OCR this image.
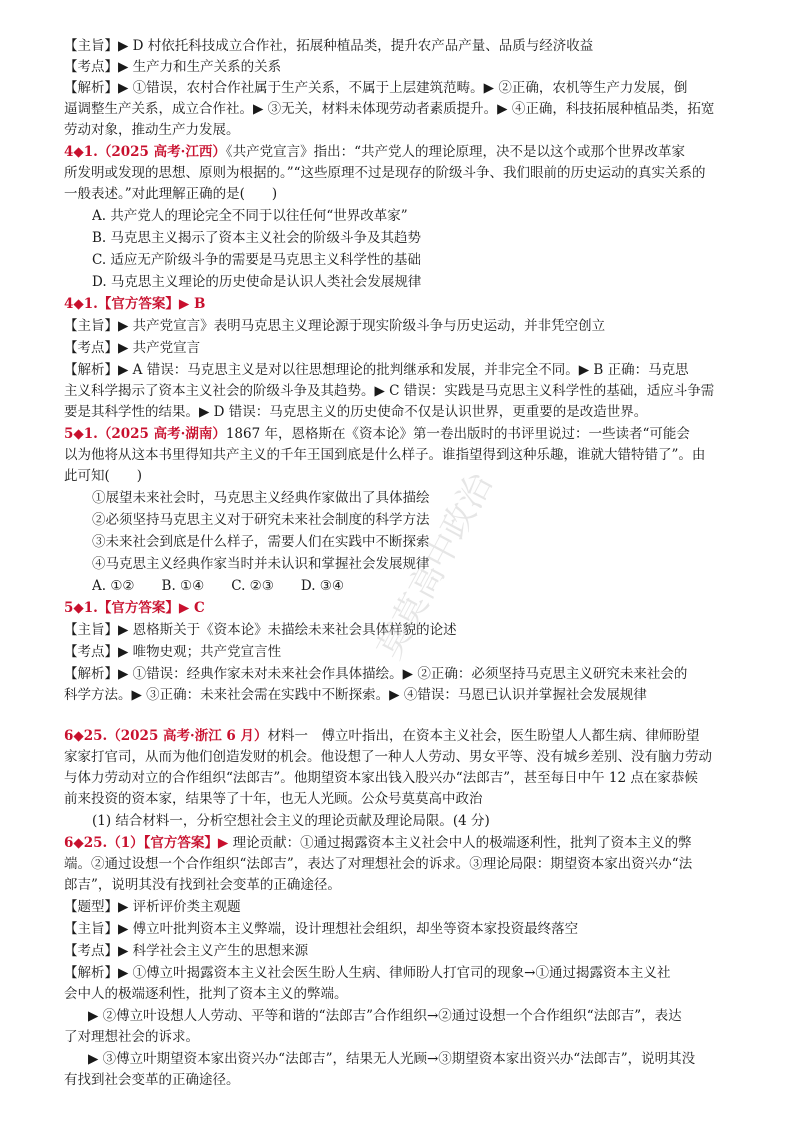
【主旨】▶ D 村依托科技成立合作社，拓展种植品类，提升农产品产量、品质与经济收益
【考点】▶ 生产力和生产关系的关系
【解析】▶ ①错误，农村合作社属于生产关系，不属于上层建筑范畴。▶ ②正确，农机等生产力发展，倒
逼调整生产关系，成立合作社。▶ ③无关，材料未体现劳动者素质提升。▶ ④正确，科技拓展种植品类，拓宽
劳动对象，推动生产力发展。
4◆1.（2025 高考·江西）《共产党宣言》指出：“共产党人的理论原理，决不是以这个或那个世界改革家
所发明或发现的思想、原则为根据的。”“这些原理不过是现存的阶级斗争、我们眼前的历史运动的真实关系的
一般表述。”对此理解正确的是(　　)
A. 共产党人的理论完全不同于以往任何“世界改革家”
B. 马克思主义揭示了资本主义社会的阶级斗争及其趋势
C. 适应无产阶级斗争的需要是马克思主义科学性的基础
D. 马克思主义理论的历史使命是认识人类社会发展规律
4◆1.【官方答案】▶ B
【主旨】▶ 共产党宣言》表明马克思主义理论源于现实阶级斗争与历史运动，并非凭空创立
【考点】▶ 共产党宣言
【解析】▶ A 错误：马克思主义是对以往思想理论的批判继承和发展，并非完全不同。▶ B 正确：马克思
主义科学揭示了资本主义社会的阶级斗争及其趋势。▶ C 错误：实践是马克思主义科学性的基础，适应斗争需
要是其科学性的结果。▶ D 错误：马克思主义的历史使命不仅是认识世界，更重要的是改造世界。
5◆1.（2025 高考·湖南）1867 年，恩格斯在《资本论》第一卷出版时的书评里说过：一些读者“可能会
以为他将从这本书里得知共产主义的千年王国到底是什么样子。谁指望得到这种乐趣，谁就大错特错了”。由
此可知(　　)
①展望未来社会时，马克思主义经典作家做出了具体描绘
②必须坚持马克思主义对于研究未来社会制度的科学方法
③未来社会到底是什么样子，需要人们在实践中不断探索
④马克思主义经典作家当时并未认识和掌握社会发展规律
A. ①②　　B. ①④　　C. ②③　　D. ③④
5◆1.【官方答案】▶ C
【主旨】▶ 恩格斯关于《资本论》未描绘未来社会具体样貌的论述
【考点】▶ 唯物史观；共产党宣言性
【解析】▶ ①错误：经典作家未对未来社会作具体描绘。▶ ②正确：必须坚持马克思主义研究未来社会的
科学方法。▶ ③正确：未来社会需在实践中不断探索。▶ ④错误：马恩已认识并掌握社会发展规律
6◆25.（2025 高考·浙江 6 月）材料一　傅立叶指出，在资本主义社会，医生盼望人人都生病、律师盼望
家家打官司，从而为他们创造发财的机会。他设想了一种人人劳动、男女平等、没有城乡差别、没有脑力劳动
与体力劳动对立的合作组织“法郎吉”。他期望资本家出钱入股兴办“法郎吉”，甚至每日中午 12 点在家恭候
前来投资的资本家，结果等了十年，也无人光顾。公众号莫莫高中政治
(1) 结合材料一，分析空想社会主义的理论贡献及理论局限。(4 分)
6◆25.（1）【官方答案】▶ 理论贡献：①通过揭露资本主义社会中人的极端逐利性，批判了资本主义的弊
端。②通过设想一个合作组织“法郎吉”，表达了对理想社会的诉求。③理论局限：期望资本家出资兴办“法
郎吉”，说明其没有找到社会变革的正确途径。
【题型】▶ 评析评价类主观题
【主旨】▶ 傅立叶批判资本主义弊端，设计理想社会组织，却坐等资本家投资最终落空
【考点】▶ 科学社会主义产生的思想来源
【解析】▶ ①傅立叶揭露资本主义社会医生盼人生病、律师盼人打官司的现象→①通过揭露资本主义社
会中人的极端逐利性，批判了资本主义的弊端。
▶ ②傅立叶设想人人劳动、平等和谐的“法郎吉”合作组织→②通过设想一个合作组织“法郎吉”，表达
了对理想社会的诉求。
▶ ③傅立叶期望资本家出资兴办“法郎吉”，结果无人光顾→③期望资本家出资兴办“法郎吉”，说明其没
有找到社会变革的正确途径。
莫莫高中政治
